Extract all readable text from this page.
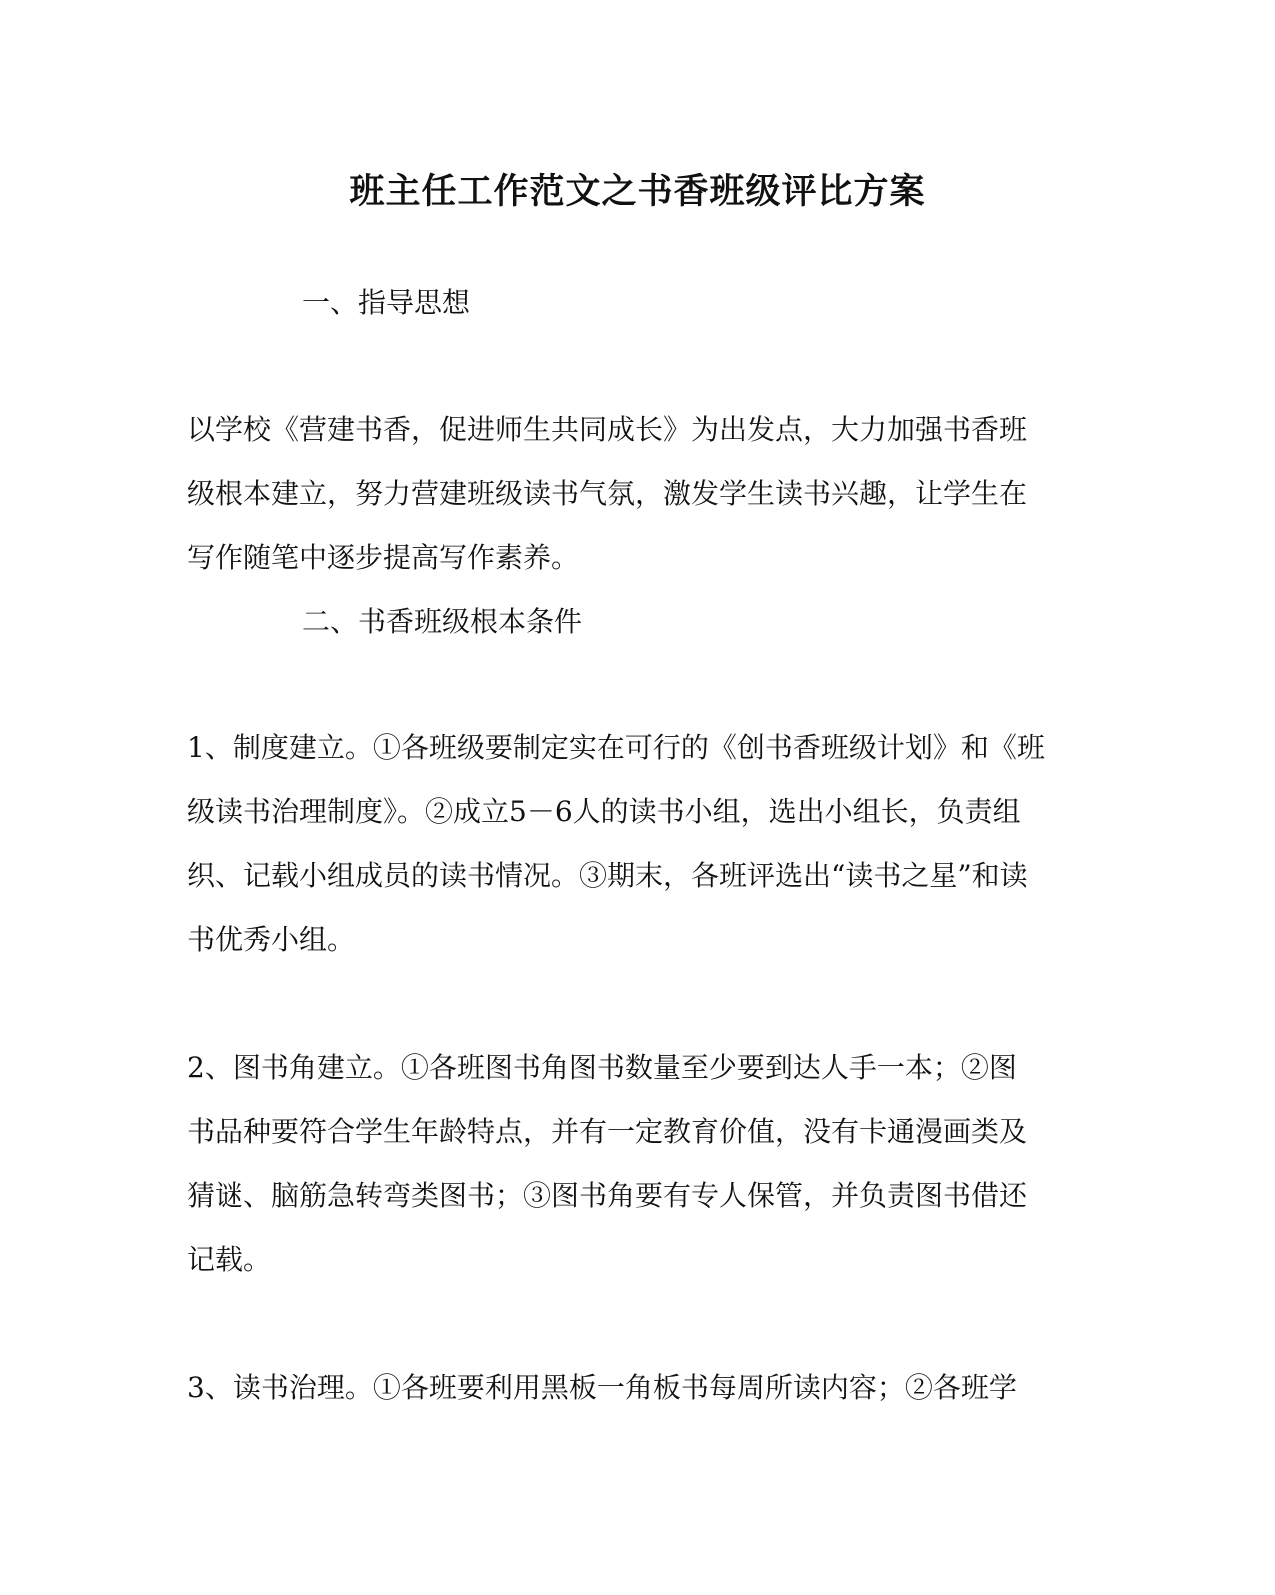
班主任工作范文之书香班级评比方案
一、指导思想
以学校《营建书香，促进师生共同成长》为出发点，大力加强书香班
级根本建立，努力营建班级读书气氛，激发学生读书兴趣，让学生在
写作随笔中逐步提高写作素养。
二、书香班级根本条件
1、制度建立。①各班级要制定实在可行的《创书香班级计划》和《班
级读书治理制度》。②成立5－6人的读书小组，选出小组长，负责组
织、记载小组成员的读书情况。③期末，各班评选出“读书之星”和读
书优秀小组。
2、图书角建立。①各班图书角图书数量至少要到达人手一本；②图
书品种要符合学生年龄特点，并有一定教育价值，没有卡通漫画类及
猜谜、脑筋急转弯类图书；③图书角要有专人保管，并负责图书借还
记载。
3、读书治理。①各班要利用黑板一角板书每周所读内容；②各班学
